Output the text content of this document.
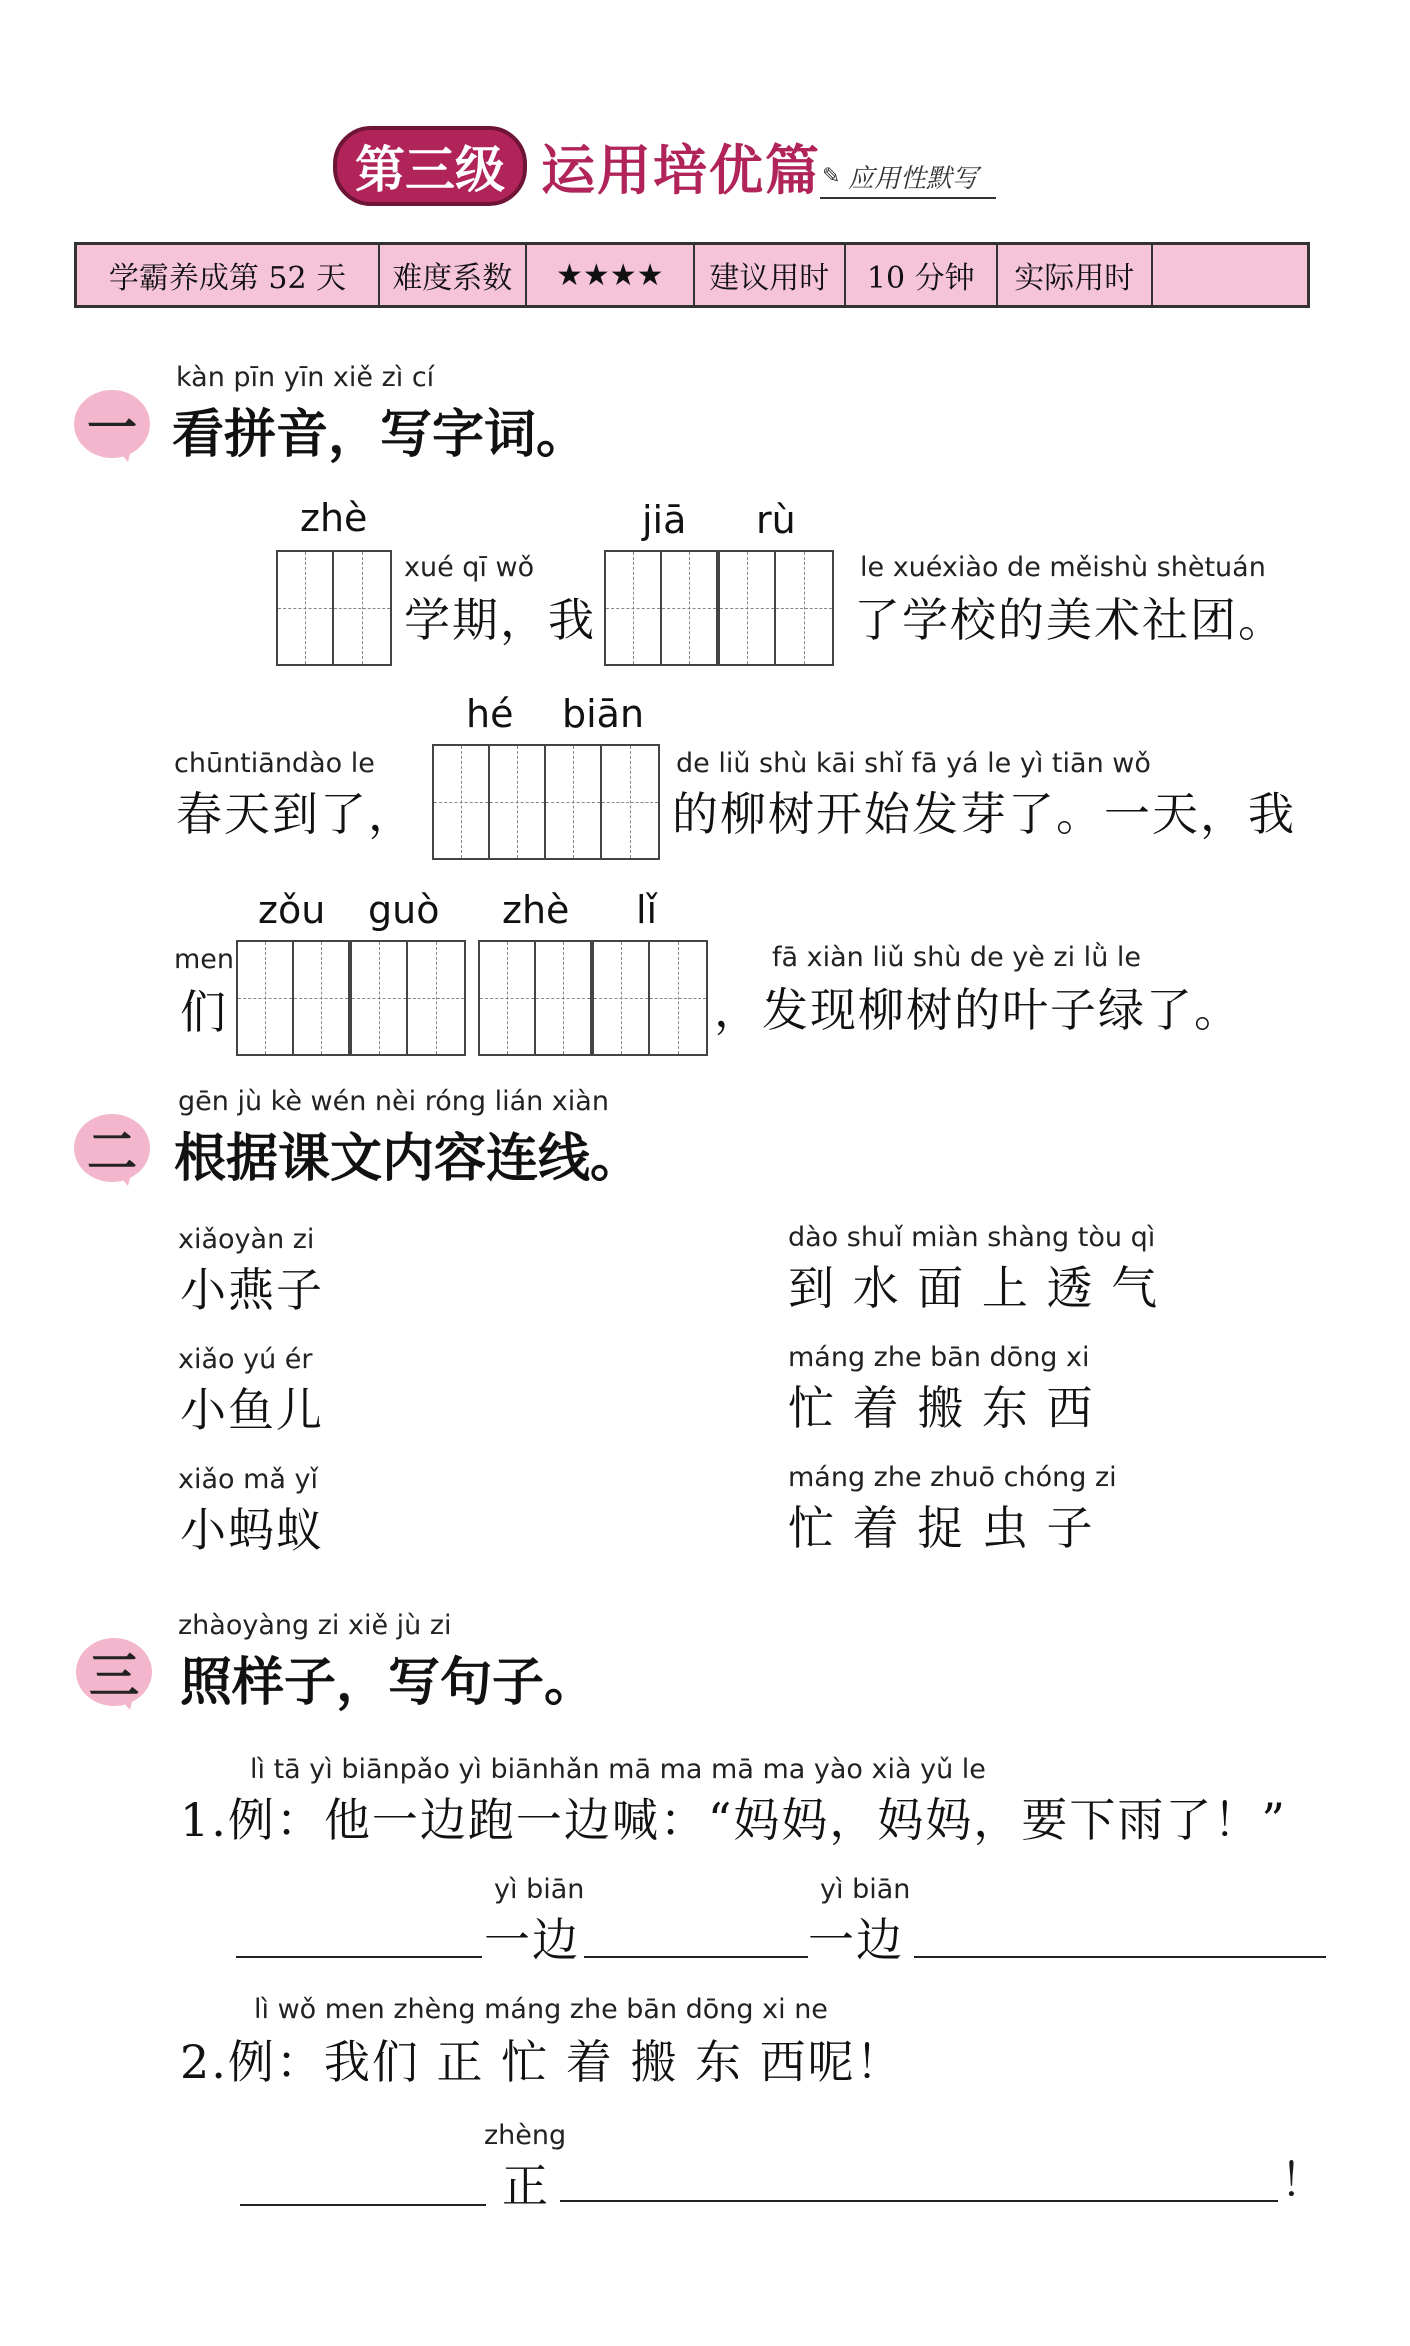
第三级 运用培优篇 ✎ 应用性默写
学霸养成第 52 天	难度系数	★★★★	建议用时	10 分钟	实际用时
一
kàn pīn yīn xiě zì cí
看拼音，写字词。
zhè
xué qī wǒ
学期，我
jiā rù
le xuéxiào de měishù shètuán
了学校的美术社团。
chūntiāndào le
春天到了，
hé biān
de liǔ shù kāi shǐ fā yá le yì tiān wǒ
的柳树开始发芽了。一天，我
men
们
zǒu guò zhè lǐ
fā xiàn liǔ shù de yè zi lǜ le
，发现柳树的叶子绿了。
二
gēn jù kè wén nèi róng lián xiàn
根据课文内容连线。
xiǎoyàn zi
小燕子
xiǎo yú ér
小鱼儿
xiǎo mǎ yǐ
小蚂蚁
dào shuǐ miàn shàng tòu qì
到 水 面 上 透 气
máng zhe bān dōng xi
忙 着 搬 东 西
máng zhe zhuō chóng zi
忙 着 捉 虫 子
三
zhàoyàng zi xiě jù zi
照样子，写句子。
lì tā yì biānpǎo yì biānhǎn mā ma mā ma yào xià yǔ le
1.例：他一边跑一边喊：“妈妈，妈妈，要下雨了！”
yì biān
一边
yì biān
一边
lì wǒ men zhèng máng zhe bān dōng xi ne
2.例：我们 正 忙 着 搬 东 西呢！
zhèng
正	！
